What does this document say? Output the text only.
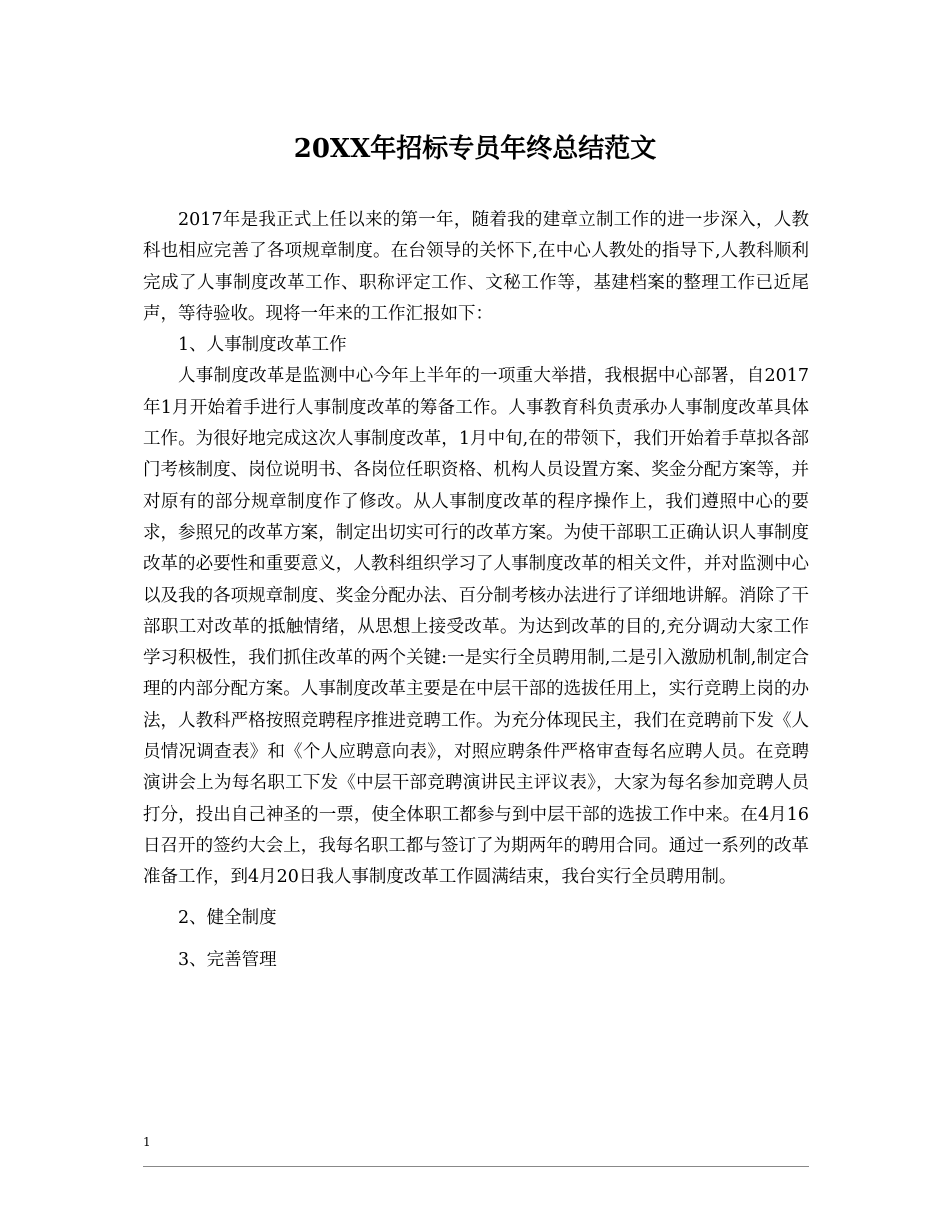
20XX年招标专员年终总结范文

2017年是我正式上任以来的第一年，随着我的建章立制工作的进一步深入，人教科也相应完善了各项规章制度。在台领导的关怀下,在中心人教处的指导下,人教科顺利完成了人事制度改革工作、职称评定工作、文秘工作等，基建档案的整理工作已近尾声，等待验收。现将一年来的工作汇报如下：

1、人事制度改革工作

人事制度改革是监测中心今年上半年的一项重大举措，我根据中心部署，自2017年1月开始着手进行人事制度改革的筹备工作。人事教育科负责承办人事制度改革具体工作。为很好地完成这次人事制度改革，1月中旬,在的带领下，我们开始着手草拟各部门考核制度、岗位说明书、各岗位任职资格、机构人员设置方案、奖金分配方案等，并对原有的部分规章制度作了修改。从人事制度改革的程序操作上，我们遵照中心的要求，参照兄的改革方案，制定出切实可行的改革方案。为使干部职工正确认识人事制度改革的必要性和重要意义，人教科组织学习了人事制度改革的相关文件，并对监测中心以及我的各项规章制度、奖金分配办法、百分制考核办法进行了详细地讲解。消除了干部职工对改革的抵触情绪，从思想上接受改革。为达到改革的目的,充分调动大家工作学习积极性，我们抓住改革的两个关键:一是实行全员聘用制,二是引入激励机制,制定合理的内部分配方案。人事制度改革主要是在中层干部的选拔任用上，实行竞聘上岗的办法，人教科严格按照竞聘程序推进竞聘工作。为充分体现民主，我们在竞聘前下发《人员情况调查表》和《个人应聘意向表》，对照应聘条件严格审查每名应聘人员。在竞聘演讲会上为每名职工下发《中层干部竞聘演讲民主评议表》，大家为每名参加竞聘人员打分，投出自己神圣的一票，使全体职工都参与到中层干部的选拔工作中来。在4月16日召开的签约大会上，我每名职工都与签订了为期两年的聘用合同。通过一系列的改革准备工作，到4月20日我人事制度改革工作圆满结束，我台实行全员聘用制。

2、健全制度

3、完善管理

1
